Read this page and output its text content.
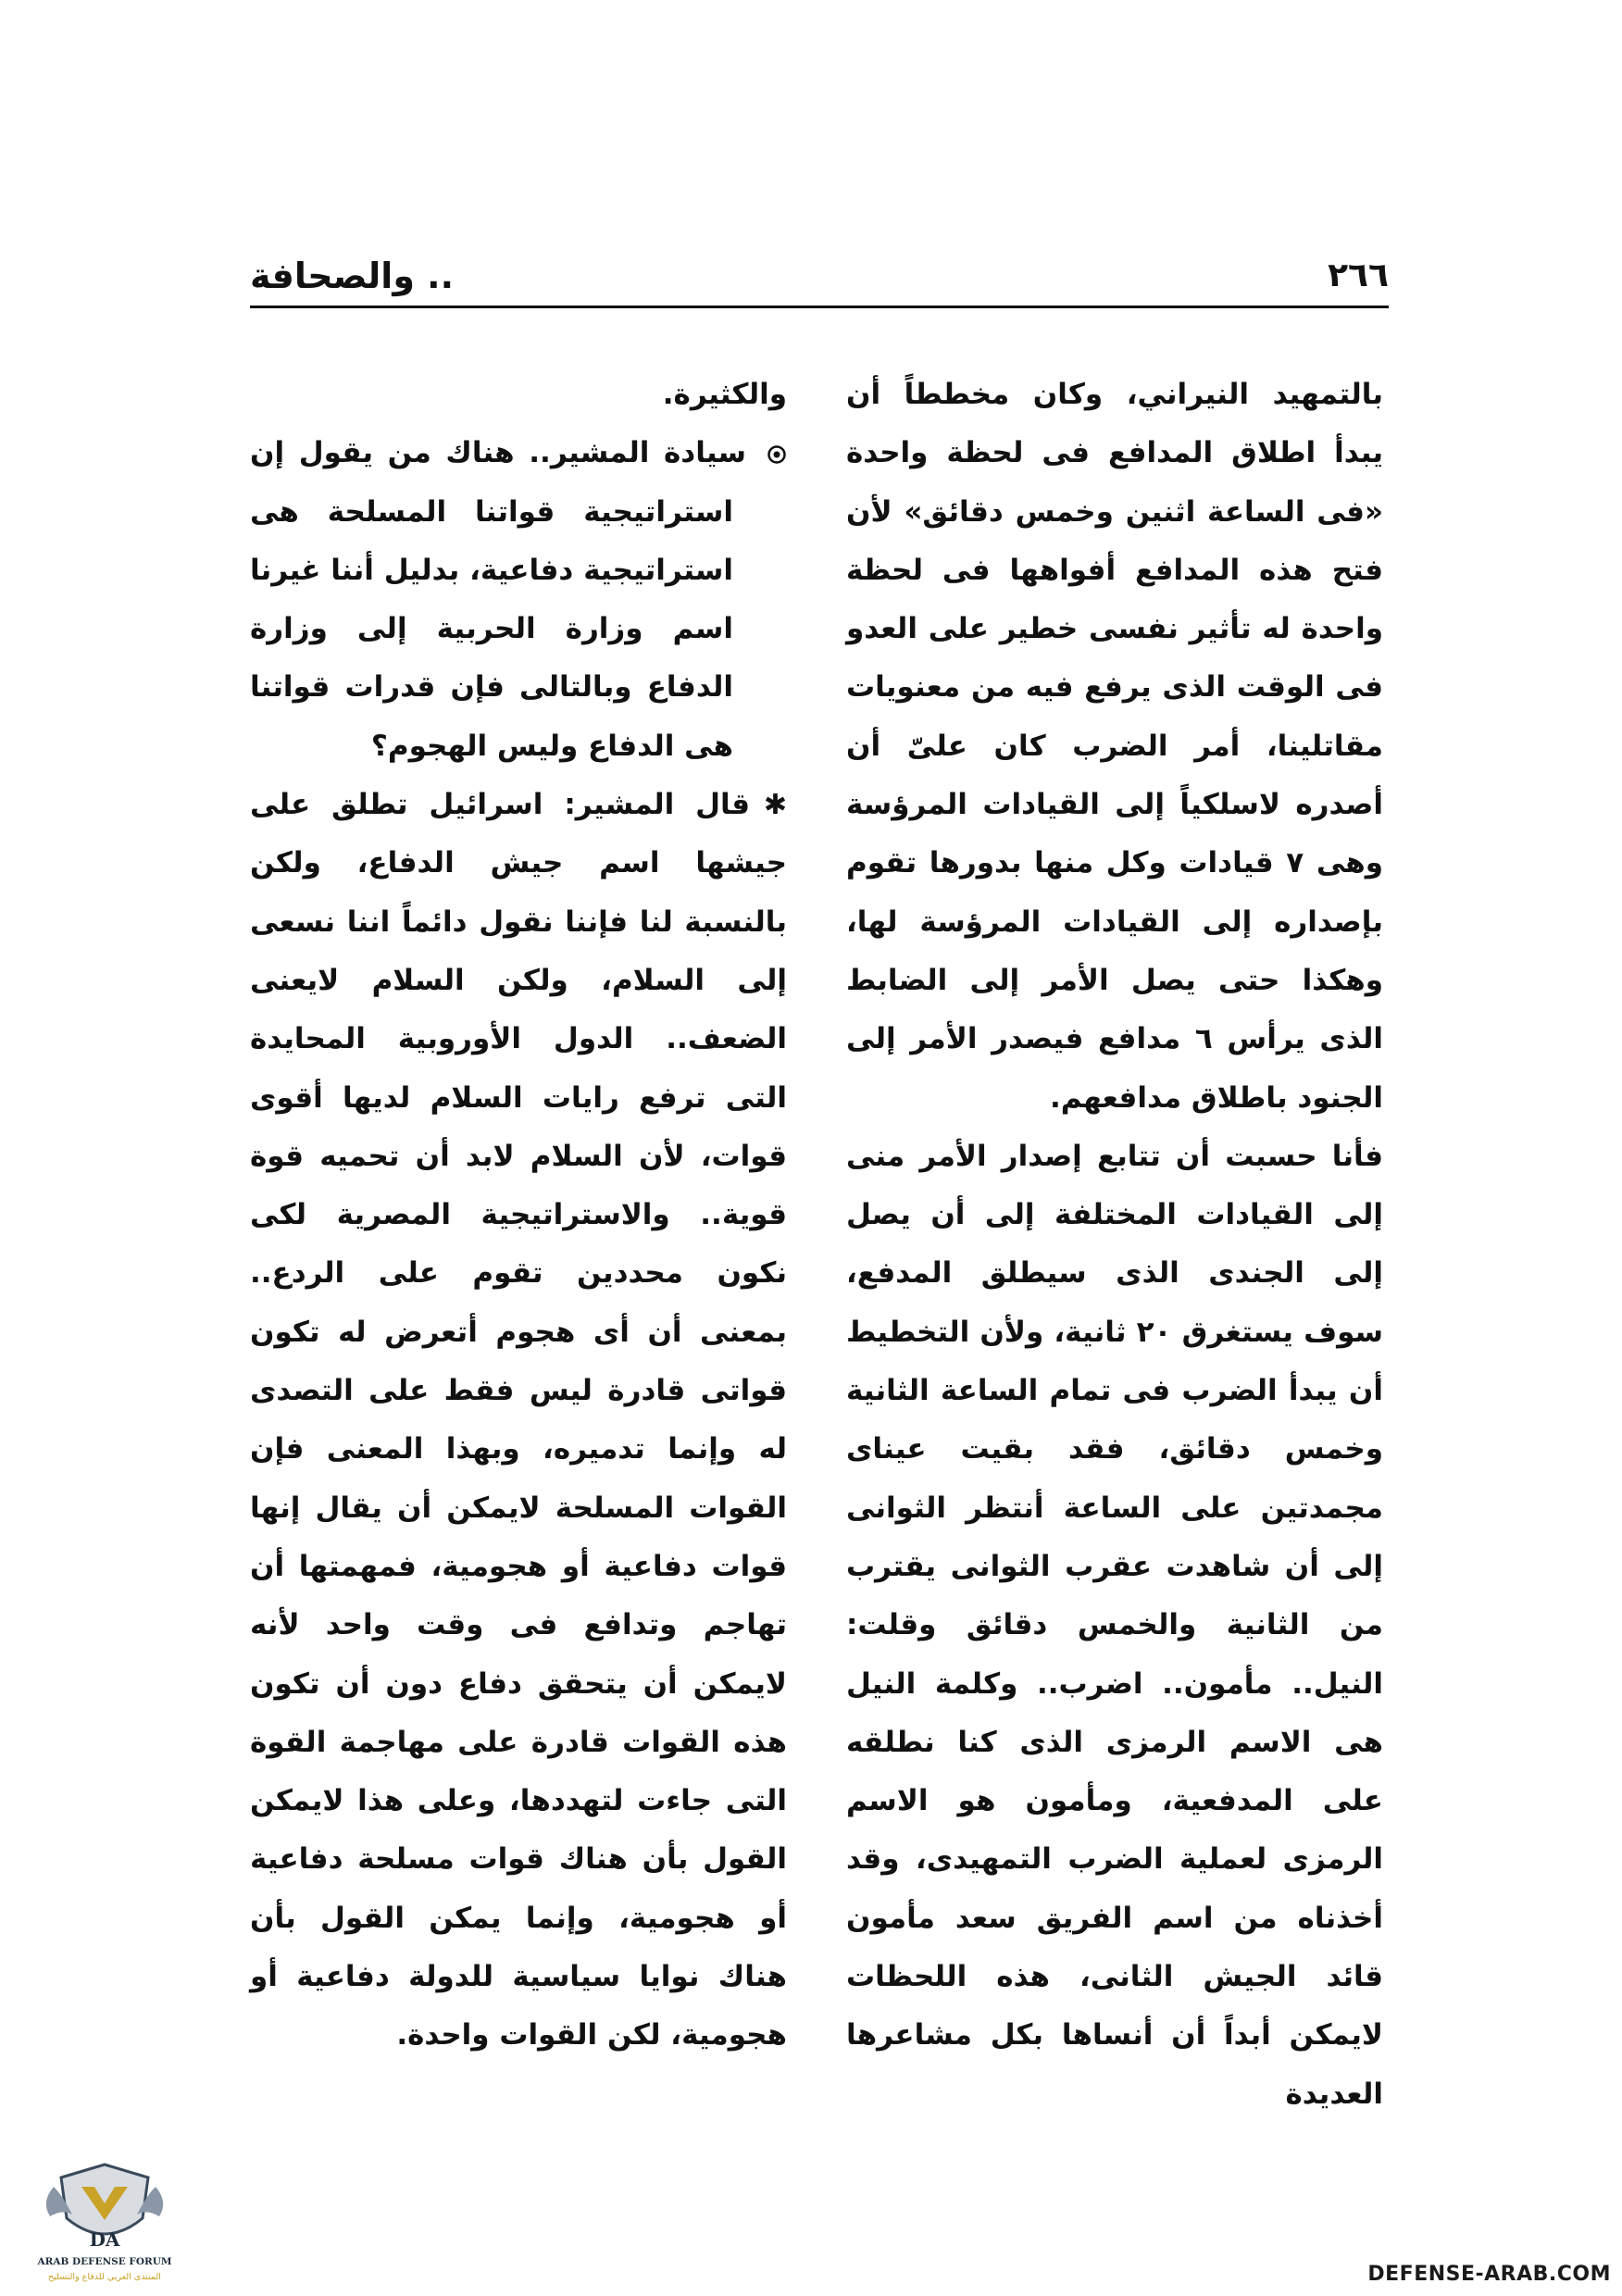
٢٦٦
.. والصحافة

بالتمهيد النيراني، وكان مخططاً أن يبدأ اطلاق المدافع فى لحظة واحدة «فى الساعة اثنين وخمس دقائق» لأن فتح هذه المدافع أفواهها فى لحظة واحدة له تأثير نفسى خطير على العدو فى الوقت الذى يرفع فيه من معنويات مقاتلينا، أمر الضرب كان علىّ أن أصدره لاسلكياً إلى القيادات المرؤسة وهى ٧ قيادات وكل منها بدورها تقوم بإصداره إلى القيادات المرؤسة لها، وهكذا حتى يصل الأمر إلى الضابط الذى يرأس ٦ مدافع فيصدر الأمر إلى الجنود باطلاق مدافعهم.

فأنا حسبت أن تتابع إصدار الأمر منى إلى القيادات المختلفة إلى أن يصل إلى الجندى الذى سيطلق المدفع، سوف يستغرق ٢٠ ثانية، ولأن التخطيط أن يبدأ الضرب فى تمام الساعة الثانية وخمس دقائق، فقد بقيت عيناى مجمدتين على الساعة أنتظر الثوانى إلى أن شاهدت عقرب الثوانى يقترب من الثانية والخمس دقائق وقلت: النيل.. مأمون.. اضرب.. وكلمة النيل هى الاسم الرمزى الذى كنا نطلقه على المدفعية، ومأمون هو الاسم الرمزى لعملية الضرب التمهيدى، وقد أخذناه من اسم الفريق سعد مأمون قائد الجيش الثانى، هذه اللحظات لايمكن أبداً أن أنساها بكل مشاعرها العديدة

والكثيرة.

سيادة المشير.. هناك من يقول إن استراتيجية قواتنا المسلحة هى استراتيجية دفاعية، بدليل أننا غيرنا اسم وزارة الحربية إلى وزارة الدفاع وبالتالى فإن قدرات قواتنا هى الدفاع وليس الهجوم؟

✱قال المشير: اسرائيل تطلق على جيشها اسم جيش الدفاع، ولكن بالنسبة لنا فإننا نقول دائماً اننا نسعى إلى السلام، ولكن السلام لايعنى الضعف.. الدول الأوروبية المحايدة التى ترفع رايات السلام لديها أقوى قوات، لأن السلام لابد أن تحميه قوة قوية.. والاستراتيجية المصرية لكى نكون محددين تقوم على الردع.. بمعنى أن أى هجوم أتعرض له تكون قواتى قادرة ليس فقط على التصدى له وإنما تدميره، وبهذا المعنى فإن القوات المسلحة لايمكن أن يقال إنها قوات دفاعية أو هجومية، فمهمتها أن تهاجم وتدافع فى وقت واحد لأنه لايمكن أن يتحقق دفاع دون أن تكون هذه القوات قادرة على مهاجمة القوة التى جاءت لتهددها، وعلى هذا لايمكن القول بأن هناك قوات مسلحة دفاعية أو هجومية، وإنما يمكن القول بأن هناك نوايا سياسية للدولة دفاعية أو هجومية، لكن القوات واحدة.

DA
ARAB DEFENSE FORUM
المنتدى العربي للدفاع والتسليح	DEFENSE-ARAB.COM
